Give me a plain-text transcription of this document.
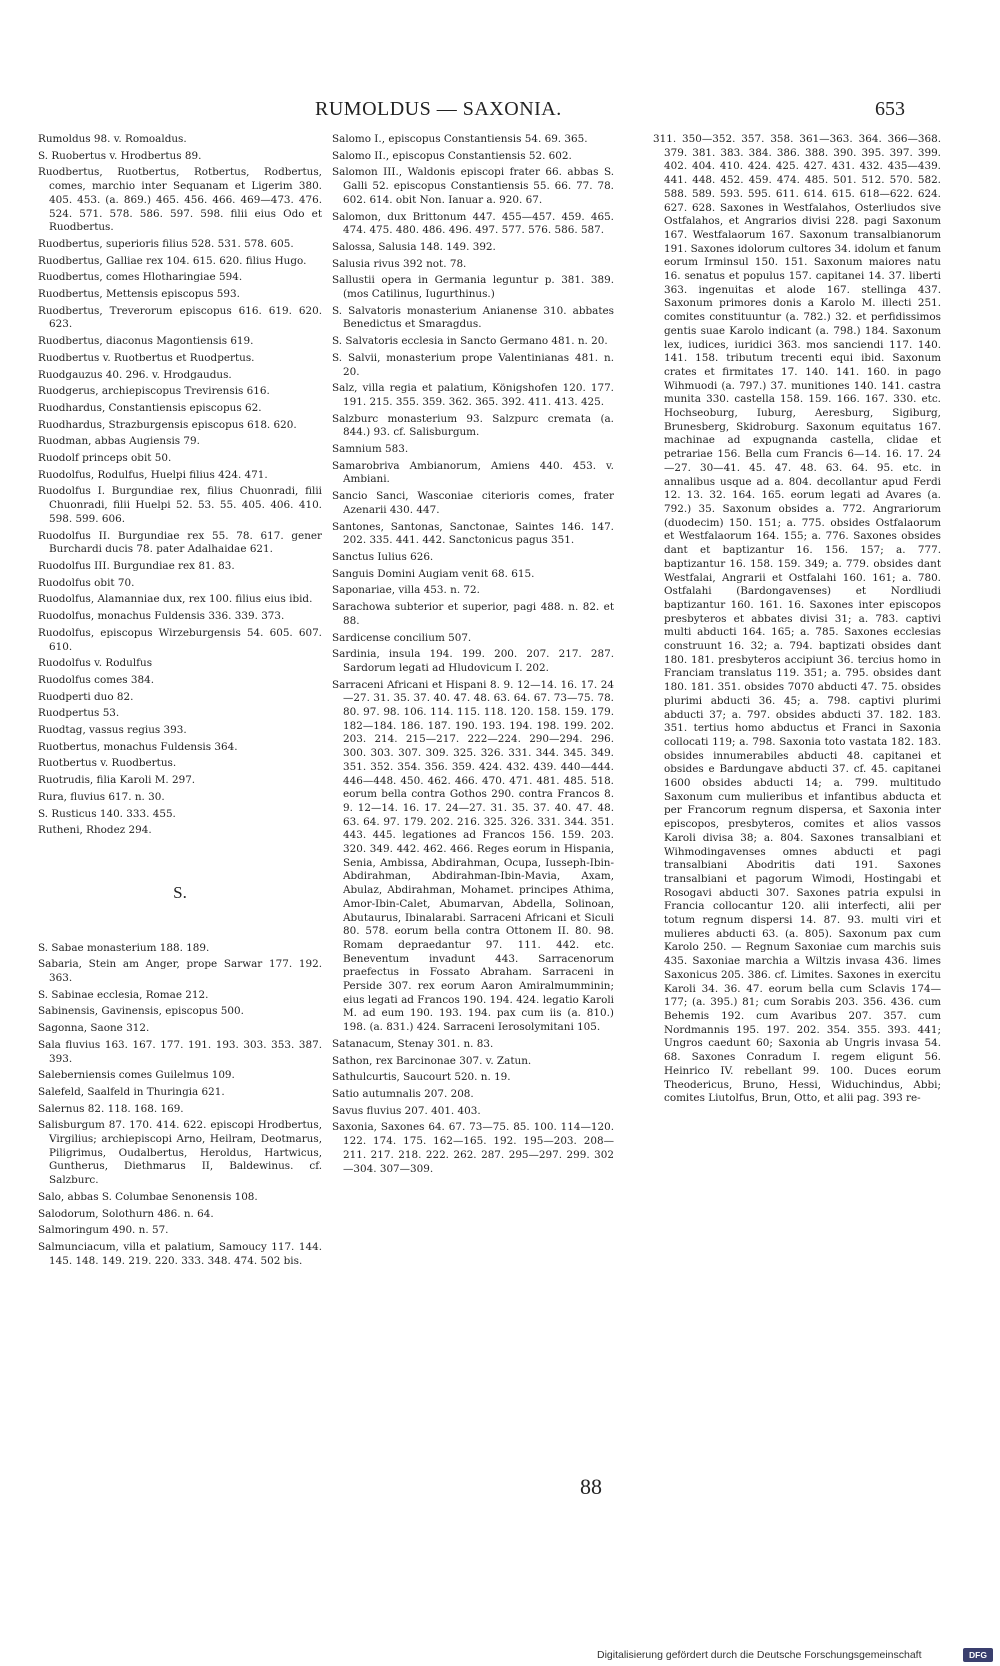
RUMOLDUS — SAXONIA.	653
Rumoldus 98. v. Romoaldus.
S. Ruobertus v. Hrodbertus 89.
Ruodbertus, Ruotbertus, Rotbertus, Rodbertus, comes, marchio inter Sequanam et Ligerim 380. 405. 453. (a. 869.) 465. 456. 466. 469—473. 476. 524. 571. 578. 586. 597. 598. filii eius Odo et Ruodbertus.
Ruodbertus, superioris filius 528. 531. 578. 605.
Ruodbertus, Galliae rex 104. 615. 620. filius Hugo.
Ruodbertus, comes Hlotharingiae 594.
Ruodbertus, Mettensis episcopus 593.
Ruodbertus, Treverorum episcopus 616. 619. 620. 623.
Ruodbertus, diaconus Magontiensis 619.
Ruodbertus v. Ruotbertus et Ruodpertus.
Ruodgauzus 40. 296. v. Hrodgaudus.
Ruodgerus, archiepiscopus Trevirensis 616.
Ruodhardus, Constantiensis episcopus 62.
Ruodhardus, Strazburgensis episcopus 618. 620.
Ruodman, abbas Augiensis 79.
Ruodolf princeps obit 50.
Ruodolfus, Rodulfus, Huelpi filius 424. 471.
Ruodolfus I. Burgundiae rex, filius Chuonradi, filii Chuonradi, filii Huelpi 52. 53. 55. 405. 406. 410. 598. 599. 606.
Ruodolfus II. Burgundiae rex 55. 78. 617. gener Burchardi ducis 78. pater Adalhaidae 621.
Ruodolfus III. Burgundiae rex 81. 83.
Ruodolfus obit 70.
Ruodolfus, Alamanniae dux, rex 100. filius eius ibid.
Ruodolfus, monachus Fuldensis 336. 339. 373.
Ruodolfus, episcopus Wirzeburgensis 54. 605. 607. 610.
Ruodolfus v. Rodulfus
Ruodolfus comes 384.
Ruodperti duo 82.
Ruodpertus 53.
Ruodtag, vassus regius 393.
Ruotbertus, monachus Fuldensis 364.
Ruotbertus v. Ruodbertus.
Ruotrudis, filia Karoli M. 297.
Rura, fluvius 617. n. 30.
S. Rusticus 140. 333. 455.
Rutheni, Rhodez 294.
S.
S. Sabae monasterium 188. 189.
Sabaria, Stein am Anger, prope Sarwar 177. 192. 363.
S. Sabinae ecclesia, Romae 212.
Sabinensis, Gavinensis, episcopus 500.
Sagonna, Saone 312.
Sala fluvius 163. 167. 177. 191. 193. 303. 353. 387. 393.
Saleberniensis comes Guilelmus 109.
Salefeld, Saalfeld in Thuringia 621.
Salernus 82. 118. 168. 169.
Salisburgum 87. 170. 414. 622. episcopi Hrodbertus, Virgilius; archiepiscopi Arno, Heilram, Deotmarus, Piligrimus, Oudalbertus, Heroldus, Hartwicus, Guntherus, Diethmarus II, Baldewinus. cf. Salzburc.
Salo, abbas S. Columbae Senonensis 108.
Salodorum, Solothurn 486. n. 64.
Salmoringum 490. n. 57.
Salmunciacum, villa et palatium, Samoucy 117. 144. 145. 148. 149. 219. 220. 333. 348. 474. 502 bis.
Salomo I., episcopus Constantiensis 54. 69. 365.
Salomo II., episcopus Constantiensis 52. 602.
Salomon III., Waldonis episcopi frater 66. abbas S. Galli 52. episcopus Constantiensis 55. 66. 77. 78. 602. 614. obit Non. Ianuar a. 920. 67.
Salomon, dux Brittonum 447. 455—457. 459. 465. 474. 475. 480. 486. 496. 497. 577. 576. 586. 587.
Salossa, Salusia 148. 149. 392.
Salusia rivus 392 not. 78.
Sallustii opera in Germania leguntur p. 381. 389. (mos Catilinus, Iugurthinus.)
S. Salvatoris monasterium Anianense 310. abbates Benedictus et Smaragdus.
S. Salvatoris ecclesia in Sancto Germano 481. n. 20.
S. Salvii, monasterium prope Valentinianas 481. n. 20.
Salz, villa regia et palatium, Königshofen 120. 177. 191. 215. 355. 359. 362. 365. 392. 411. 413. 425.
Salzburc monasterium 93. Salzpurc cremata (a. 844.) 93. cf. Salisburgum.
Samnium 583.
Samarobriva Ambianorum, Amiens 440. 453. v. Ambiani.
Sancio Sanci, Wasconiae citerioris comes, frater Azenarii 430. 447.
Santones, Santonas, Sanctonae, Saintes 146. 147. 202. 335. 441. 442. Sanctonicus pagus 351.
Sanctus Iulius 626.
Sanguis Domini Augiam venit 68. 615.
Saponariae, villa 453. n. 72.
Sarachowa subterior et superior, pagi 488. n. 82. et 88.
Sardicense concilium 507.
Sardinia, insula 194. 199. 200. 207. 217. 287. Sardorum legati ad Hludovicum I. 202.
Sarraceni Africani et Hispani 8. 9. 12—14. 16. 17. 24—27. 31. 35. 37. 40. 47. 48. 63. 64. 67. 73—75. 78. 80. 97. 98. 106. 114. 115. 118. 120. 158. 159. 179. 182—184. 186. 187. 190. 193. 194. 198. 199. 202. 203. 214. 215—217. 222—224. 290—294. 296. 300. 303. 307. 309. 325. 326. 331. 344. 345. 349. 351. 352. 354. 356. 359. 424. 432. 439. 440—444. 446—448. 450. 462. 466. 470. 471. 481. 485. 518. eorum bella contra Gothos 290. contra Francos 8. 9. 12—14. 16. 17. 24—27. 31. 35. 37. 40. 47. 48. 63. 64. 97. 179. 202. 216. 325. 326. 331. 344. 351. 443. 445. legationes ad Francos 156. 159. 203. 320. 349. 442. 462. 466. Reges eorum in Hispania, Senia, Ambissa, Abdirahman, Ocupa, Iusseph-Ibin-Abdirahman, Abdirahman-Ibin-Mavia, Axam, Abulaz, Abdirahman, Mohamet. principes Athima, Amor-Ibin-Calet, Abumarvan, Abdella, Solinoan, Abutaurus, Ibinalarabi. Sarraceni Africani et Siculi 80. 578. eorum bella contra Ottonem II. 80. 98. Romam depraedantur 97. 111. 442. etc. Beneventum invadunt 443. Sarracenorum praefectus in Fossato Abraham. Sarraceni in Perside 307. rex eorum Aaron Amiralmumminin; eius legati ad Francos 190. 194. 424. legatio Karoli M. ad eum 190. 193. 194. pax cum iis (a. 810.) 198. (a. 831.) 424. Sarraceni Ierosolymitani 105.
Satanacum, Stenay 301. n. 83.
Sathon, rex Barcinonae 307. v. Zatun.
Sathulcurtis, Saucourt 520. n. 19.
Satio autumnalis 207. 208.
Savus fluvius 207. 401. 403.
Saxonia, Saxones 64. 67. 73—75. 85. 100. 114—120. 122. 174. 175. 162—165. 192. 195—203. 208—211. 217. 218. 222. 262. 287. 295—297. 299. 302—304. 307—309.
311. 350—352. 357. 358. 361—363. 364. 366—368. 379. 381. 383. 384. 386. 388. 390. 395. 397. 399. 402. 404. 410. 424. 425. 427. 431. 432. 435—439. 441. 448. 452. 459. 474. 485. 501. 512. 570. 582. 588. 589. 593. 595. 611. 614. 615. 618—622. 624. 627. 628. Saxones in Westfalahos, Osterliudos sive Ostfalahos, et Angrarios divisi 228. pagi Saxonum 167. Westfalaorum 167. Saxonum transalbianorum 191. Saxones idolorum cultores 34. idolum et fanum eorum Irminsul 150. 151. Saxonum maiores natu 16. senatus et populus 157. capitanei 14. 37. liberti 363. ingenuitas et alode 167. stellinga 437. Saxonum primores donis a Karolo M. illecti 251. comites constituuntur (a. 782.) 32. et perfidissimos gentis suae Karolo indicant (a. 798.) 184. Saxonum lex, iudices, iuridici 363. mos sanciendi 117. 140. 141. 158. tributum trecenti equi ibid. Saxonum crates et firmitates 17. 140. 141. 160. in pago Wihmuodi (a. 797.) 37. munitiones 140. 141. castra munita 330. castella 158. 159. 166. 167. 330. etc. Hochseoburg, Iuburg, Aeresburg, Sigiburg, Brunesberg, Skidroburg. Saxonum equitatus 167. machinae ad expugnanda castella, clidae et petrariae 156. Bella cum Francis 6—14. 16. 17. 24—27. 30—41. 45. 47. 48. 63. 64. 95. etc. in annalibus usque ad a. 804. decollantur apud Ferdi 12. 13. 32. 164. 165. eorum legati ad Avares (a. 792.) 35. Saxonum obsides a. 772. Angrariorum (duodecim) 150. 151; a. 775. obsides Ostfalaorum et Westfalaorum 164. 155; a. 776. Saxones obsides dant et baptizantur 16. 156. 157; a. 777. baptizantur 16. 158. 159. 349; a. 779. obsides dant Westfalai, Angrarii et Ostfalahi 160. 161; a. 780. Ostfalahi (Bardongavenses) et Nordliudi baptizantur 160. 161. 16. Saxones inter episcopos presbyteros et abbates divisi 31; a. 783. captivi multi abducti 164. 165; a. 785. Saxones ecclesias construunt 16. 32; a. 794. baptizati obsides dant 180. 181. presbyteros accipiunt 36. tercius homo in Franciam translatus 119. 351; a. 795. obsides dant 180. 181. 351. obsides 7070 abducti 47. 75. obsides plurimi abducti 36. 45; a. 798. captivi plurimi abducti 37; a. 797. obsides abducti 37. 182. 183. 351. tertius homo abductus et Franci in Saxonia collocati 119; a. 798. Saxonia toto vastata 182. 183. obsides innumerabiles abducti 48. capitanei et obsides e Bardungave abducti 37. cf. 45. capitanei 1600 obsides abducti 14; a. 799. multitudo Saxonum cum mulieribus et infantibus abducta et per Francorum regnum dispersa, et Saxonia inter episcopos, presbyteros, comites et alios vassos Karoli divisa 38; a. 804. Saxones transalbiani et Wihmodingavenses omnes abducti et pagi transalbiani Abodritis dati 191. Saxones transalbiani et pagorum Wimodi, Hostingabi et Rosogavi abducti 307. Saxones patria expulsi in Francia collocantur 120. alii interfecti, alii per totum regnum dispersi 14. 87. 93. multi viri et mulieres abducti 63. (a. 805). Saxonum pax cum Karolo 250. — Regnum Saxoniae cum marchis suis 435. Saxoniae marchia a Wiltzis invasa 436. limes Saxonicus 205. 386. cf. Limites. Saxones in exercitu Karoli 34. 36. 47. eorum bella cum Sclavis 174—177; (a. 395.) 81; cum Sorabis 203. 356. 436. cum Behemis 192. cum Avaribus 207. 357. cum Nordmannis 195. 197. 202. 354. 355. 393. 441; Ungros caedunt 60; Saxonia ab Ungris invasa 54. 68. Saxones Conradum I. regem eligunt 56. Heinrico IV. rebellant 99. 100. Duces eorum Theodericus, Bruno, Hessi, Widuchindus, Abbi; comites Liutolfus, Brun, Otto, et alii pag. 393 re-
88
Digitalisierung gefördert durch die Deutsche Forschungsgemeinschaft	DFG
